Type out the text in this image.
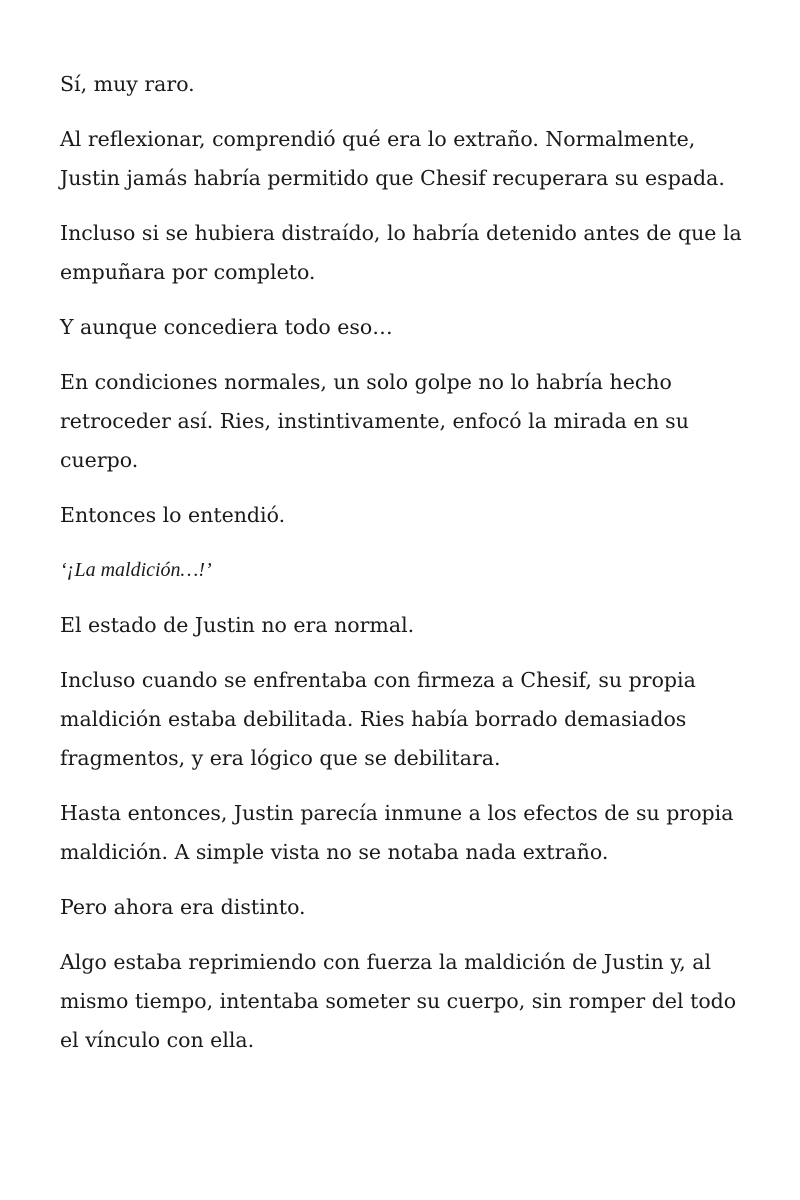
Sí, muy raro.

Al reflexionar, comprendió qué era lo extraño. Normalmente, Justin jamás habría permitido que Chesif recuperara su espada.

Incluso si se hubiera distraído, lo habría detenido antes de que la empuñara por completo.

Y aunque concediera todo eso…

En condiciones normales, un solo golpe no lo habría hecho retroceder así. Ries, instintivamente, enfocó la mirada en su cuerpo.

Entonces lo entendió.

‘¡La maldición…!’

El estado de Justin no era normal.

Incluso cuando se enfrentaba con firmeza a Chesif, su propia maldición estaba debilitada. Ries había borrado demasiados fragmentos, y era lógico que se debilitara.

Hasta entonces, Justin parecía inmune a los efectos de su propia maldición. A simple vista no se notaba nada extraño.

Pero ahora era distinto.

Algo estaba reprimiendo con fuerza la maldición de Justin y, al mismo tiempo, intentaba someter su cuerpo, sin romper del todo el vínculo con ella.
